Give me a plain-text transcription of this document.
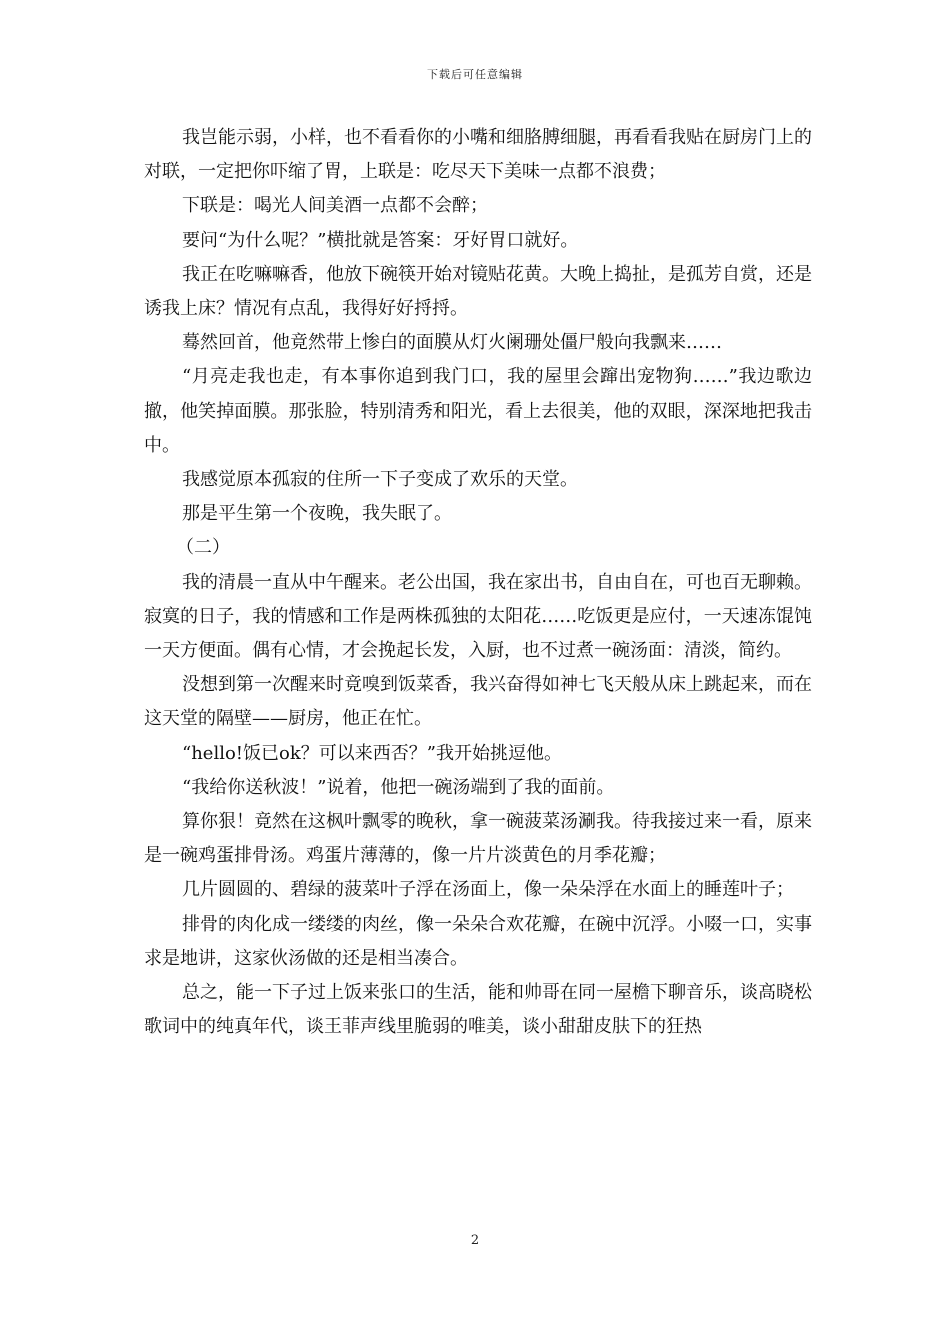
下载后可任意编辑

我岂能示弱，小样，也不看看你的小嘴和细胳膊细腿，再看看我贴在厨房门上的对联，一定把你吓缩了胃，上联是：吃尽天下美味一点都不浪费；

下联是：喝光人间美酒一点都不会醉；

要问“为什么呢？”横批就是答案：牙好胃口就好。

我正在吃嘛嘛香，他放下碗筷开始对镜贴花黄。大晚上捣扯，是孤芳自赏，还是诱我上床？情况有点乱，我得好好捋捋。

蓦然回首，他竟然带上惨白的面膜从灯火阑珊处僵尸般向我飘来……

“月亮走我也走，有本事你追到我门口，我的屋里会蹿出宠物狗……”我边歌边撤，他笑掉面膜。那张脸，特别清秀和阳光，看上去很美，他的双眼，深深地把我击中。

我感觉原本孤寂的住所一下子变成了欢乐的天堂。

那是平生第一个夜晚，我失眠了。

（二）

我的清晨一直从中午醒来。老公出国，我在家出书，自由自在，可也百无聊赖。寂寞的日子，我的情感和工作是两株孤独的太阳花……吃饭更是应付，一天速冻馄饨一天方便面。偶有心情，才会挽起长发，入厨，也不过煮一碗汤面：清淡，简约。

没想到第一次醒来时竟嗅到饭菜香，我兴奋得如神七飞天般从床上跳起来，而在这天堂的隔壁——厨房，他正在忙。

“hello!饭已ok？可以来西否？”我开始挑逗他。

“我给你送秋波！”说着，他把一碗汤端到了我的面前。

算你狠！竟然在这枫叶飘零的晚秋，拿一碗菠菜汤涮我。待我接过来一看，原来是一碗鸡蛋排骨汤。鸡蛋片薄薄的，像一片片淡黄色的月季花瓣；

几片圆圆的、碧绿的菠菜叶子浮在汤面上，像一朵朵浮在水面上的睡莲叶子；

排骨的肉化成一缕缕的肉丝，像一朵朵合欢花瓣，在碗中沉浮。小啜一口，实事求是地讲，这家伙汤做的还是相当凑合。

总之，能一下子过上饭来张口的生活，能和帅哥在同一屋檐下聊音乐，谈高晓松歌词中的纯真年代，谈王菲声线里脆弱的唯美，谈小甜甜皮肤下的狂热

2
